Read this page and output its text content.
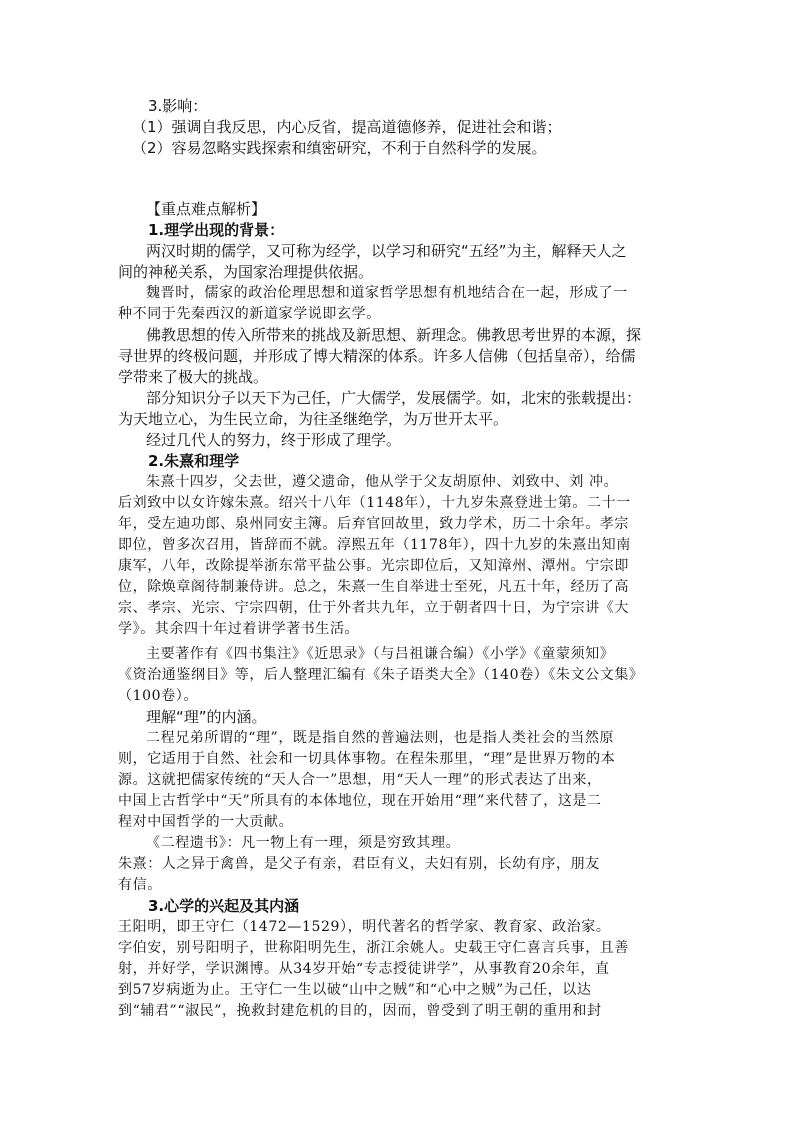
3.影响：

（1）强调自我反思，内心反省，提高道德修养，促进社会和谐；

（2）容易忽略实践探索和缜密研究，不利于自然科学的发展。

【重点难点解析】

1.理学出现的背景：

两汉时期的儒学，又可称为经学，以学习和研究“五经”为主，解释天人之

间的神秘关系，为国家治理提供依据。

魏晋时，儒家的政治伦理思想和道家哲学思想有机地结合在一起，形成了一

种不同于先秦西汉的新道家学说即玄学。

佛教思想的传入所带来的挑战及新思想、新理念。佛教思考世界的本源，探

寻世界的终极问题，并形成了博大精深的体系。许多人信佛（包括皇帝），给儒

学带来了极大的挑战。

部分知识分子以天下为己任，广大儒学，发展儒学。如，北宋的张载提出：

为天地立心，为生民立命，为往圣继绝学，为万世开太平。

经过几代人的努力，终于形成了理学。

2.朱熹和理学

朱熹十四岁，父去世，遵父遗命，他从学于父友胡原仲、刘致中、刘 冲。

后刘致中以女许嫁朱熹。绍兴十八年（1148年），十九岁朱熹登进士第。二十一

年，受左迪功郎、泉州同安主簿。后弃官回故里，致力学术，历二十余年。孝宗

即位，曾多次召用，皆辞而不就。淳熙五年（1178年），四十九岁的朱熹出知南

康军，八年，改除提举浙东常平盐公事。光宗即位后，又知漳州、潭州。宁宗即

位，除焕章阁待制兼侍讲。总之，朱熹一生自举进士至死，凡五十年，经历了高

宗、孝宗、光宗、宁宗四朝，仕于外者共九年，立于朝者四十日，为宁宗讲《大

学》。其余四十年过着讲学著书生活。

主要著作有《四书集注》《近思录》（与吕祖谦合编）《小学》《童蒙须知》

《资治通鉴纲目》等，后人整理汇编有《朱子语类大全》（140卷）《朱文公文集》

（100卷）。

理解“理”的内涵。

二程兄弟所谓的“理”，既是指自然的普遍法则，也是指人类社会的当然原

则，它适用于自然、社会和一切具体事物。在程朱那里，“理”是世界万物的本

源。这就把儒家传统的“天人合一”思想，用“天人一理”的形式表达了出来，

中国上古哲学中“天”所具有的本体地位，现在开始用“理”来代替了，这是二

程对中国哲学的一大贡献。

《二程遗书》：凡一物上有一理，须是穷致其理。

朱熹：人之异于禽兽，是父子有亲，君臣有义，夫妇有别，长幼有序，朋友

有信。

3.心学的兴起及其内涵

王阳明，即王守仁（1472—1529），明代著名的哲学家、教育家、政治家。

字伯安，别号阳明子，世称阳明先生，浙江余姚人。史载王守仁喜言兵事，且善

射，并好学，学识渊博。从34岁开始“专志授徒讲学”，从事教育20余年，直

到57岁病逝为止。王守仁一生以破“山中之贼”和“心中之贼”为己任，以达

到“辅君”“淑民”，挽救封建危机的目的，因而，曾受到了明王朝的重用和封
